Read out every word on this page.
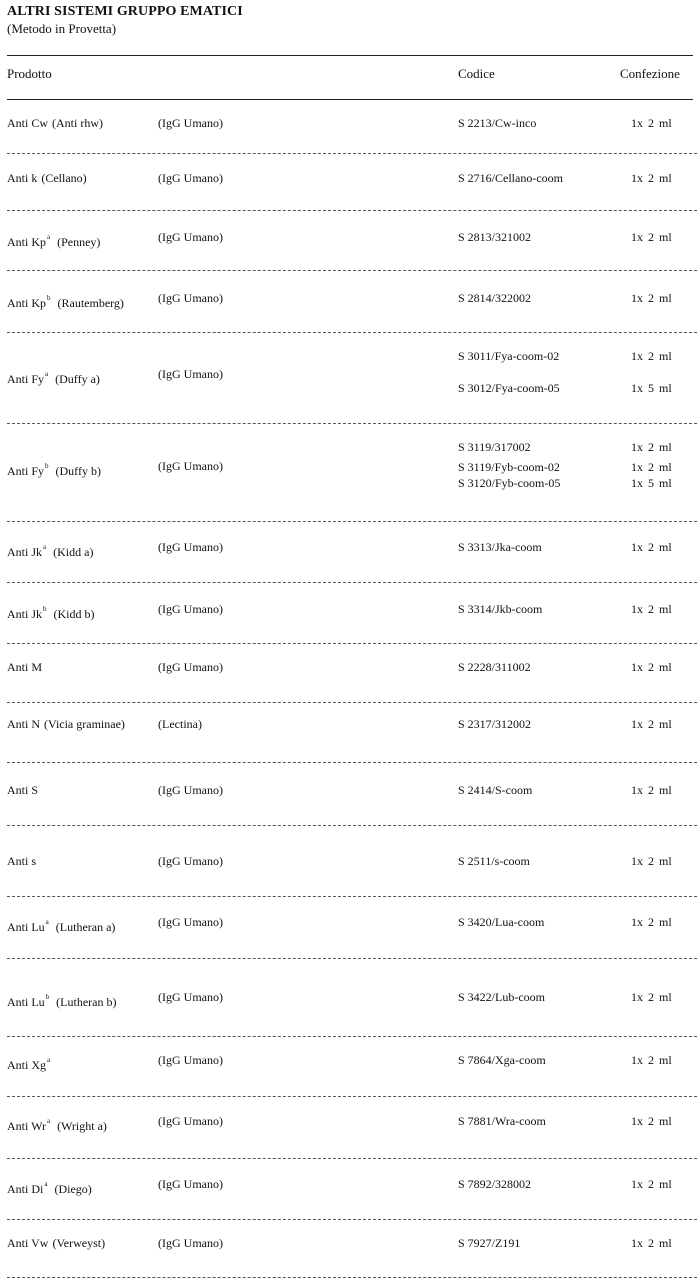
ALTRI SISTEMI GRUPPO EMATICI
(Metodo in Provetta)
Prodotto	Codice	Confezione
Anti Cw (Anti rhw)	(IgG Umano)	S 2213/Cw-inco	1x 2 ml
Anti k (Cellano)	(IgG Umano)	S 2716/Cellano-coom	1x 2 ml
Anti Kp$^a$ (Penney)	(IgG Umano)	S 2813/321002	1x 2 ml
Anti Kp$^b$ (Rautemberg)	(IgG Umano)	S 2814/322002	1x 2 ml
Anti Fy$^a$ (Duffy a)	(IgG Umano)
S 3011/Fya-coom-02	1x 2 ml
S 3012/Fya-coom-05	1x 5 ml
Anti Fy$^b$ (Duffy b)	(IgG Umano)
S 3119/317002	1x 2 ml
S 3119/Fyb-coom-02	1x 2 ml
S 3120/Fyb-coom-05	1x 5 ml
Anti Jk$^a$ (Kidd a)	(IgG Umano)	S 3313/Jka-coom	1x 2 ml
Anti Jk$^b$ (Kidd b)	(IgG Umano)	S 3314/Jkb-coom	1x 2 ml
Anti M	(IgG Umano)	S 2228/311002	1x 2 ml
Anti N (Vicia graminae)	(Lectina)	S 2317/312002	1x 2 ml
Anti S	(IgG Umano)	S 2414/S-coom	1x 2 ml
Anti s	(IgG Umano)	S 2511/s-coom	1x 2 ml
Anti Lu$^a$ (Lutheran a)	(IgG Umano)	S 3420/Lua-coom	1x 2 ml
Anti Lu$^b$ (Lutheran b)	(IgG Umano)	S 3422/Lub-coom	1x 2 ml
Anti Xg$^a$	(IgG Umano)	S 7864/Xga-coom	1x 2 ml
Anti Wr$^a$ (Wright a)	(IgG Umano)	S 7881/Wra-coom	1x 2 ml
Anti Di$^a$ (Diego)	(IgG Umano)	S 7892/328002	1x 2 ml
Anti Vw (Verweyst)	(IgG Umano)	S 7927/Z191	1x 2 ml
